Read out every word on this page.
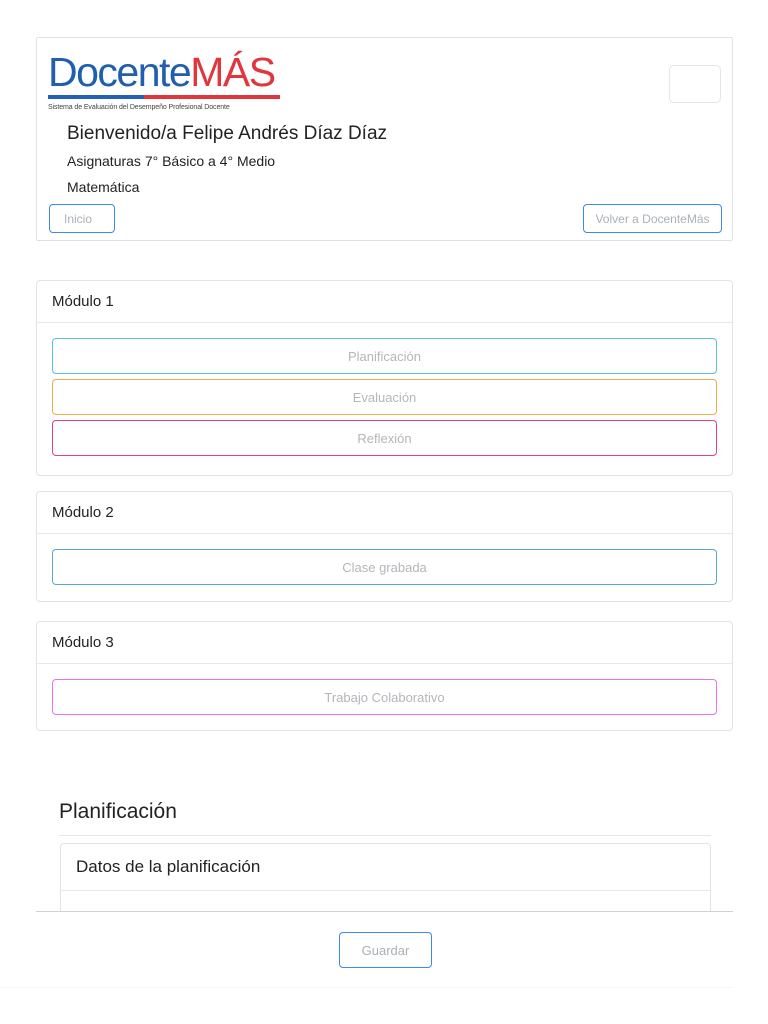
DocenteMÁS
Sistema de Evaluación del Desempeño Profesional Docente
Bienvenido/a Felipe Andrés Díaz Díaz
Asignaturas 7° Básico a 4° Medio
Matemática
Inicio	Volver a DocenteMás
Módulo 1
Planificación
Evaluación
Reflexión
Módulo 2
Clase grabada
Módulo 3
Trabajo Colaborativo
Planificación
Datos de la planificación
Guardar
